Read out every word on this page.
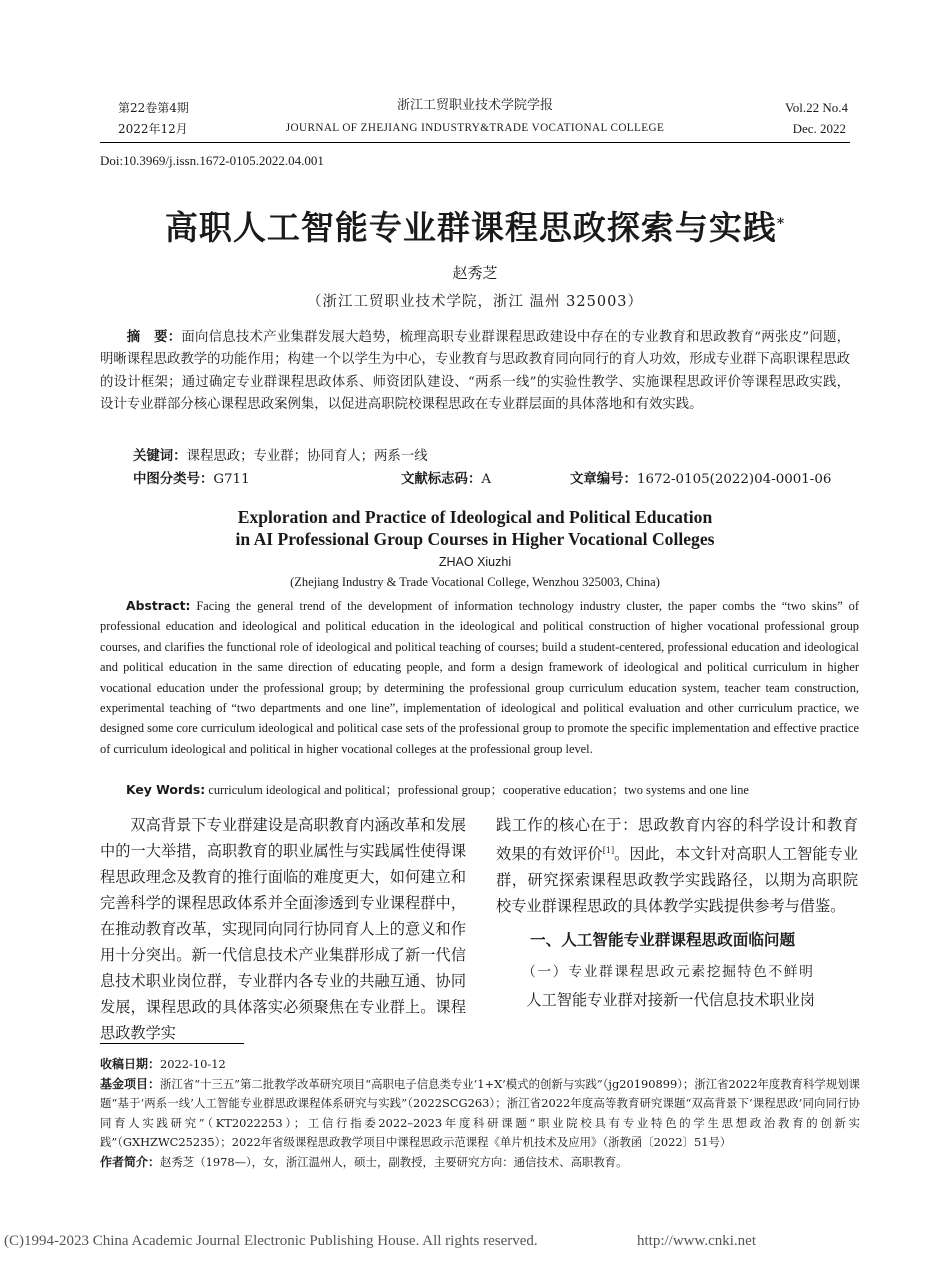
第22卷第4期
2022年12月
浙江工贸职业技术学院学报
JOURNAL OF ZHEJIANG INDUSTRY&TRADE VOCATIONAL COLLEGE
Vol.22 No.4
Dec. 2022
Doi:10.3969/j.issn.1672-0105.2022.04.001
高职人工智能专业群课程思政探索与实践*
赵秀芝
（浙江工贸职业技术学院，浙江 温州 325003）
摘　要：面向信息技术产业集群发展大趋势，梳理高职专业群课程思政建设中存在的专业教育和思政教育“两张皮”问题，明晰课程思政教学的功能作用；构建一个以学生为中心，专业教育与思政教育同向同行的育人功效，形成专业群下高职课程思政的设计框架；通过确定专业群课程思政体系、师资团队建设、“两系一线”的实验性教学、实施课程思政评价等课程思政实践，设计专业群部分核心课程思政案例集，以促进高职院校课程思政在专业群层面的具体落地和有效实践。
关键词：课程思政；专业群；协同育人；两系一线
中图分类号：G711	文献标志码：A	文章编号：1672-0105(2022)04-0001-06
Exploration and Practice of Ideological and Political Education
in AI Professional Group Courses in Higher Vocational Colleges
ZHAO Xiuzhi
(Zhejiang Industry & Trade Vocational College, Wenzhou 325003, China)
Abstract: Facing the general trend of the development of information technology industry cluster, the paper combs the “two skins” of professional education and ideological and political education in the ideological and political construction of higher vocational professional group courses, and clarifies the functional role of ideological and political teaching of courses; build a student-centered, professional education and ideological and political education in the same direction of educating people, and form a design framework of ideological and political curriculum in higher vocational education under the professional group; by determining the professional group curriculum education system, teacher team construction, experimental teaching of “two departments and one line”, implementation of ideological and political evaluation and other curriculum practice, we designed some core curriculum ideological and political case sets of the professional group to promote the specific implementation and effective practice of curriculum ideological and political in higher vocational colleges at the professional group level.
Key Words: curriculum ideological and political；professional group；cooperative education；two systems and one line
双高背景下专业群建设是高职教育内涵改革和发展中的一大举措，高职教育的职业属性与实践属性使得课程思政理念及教育的推行面临的难度更大，如何建立和完善科学的课程思政体系并全面渗透到专业课程群中，在推动教育改革，实现同向同行协同育人上的意义和作用十分突出。新一代信息技术产业集群形成了新一代信息技术职业岗位群，专业群内各专业的共融互通、协同发展，课程思政的具体落实必须聚焦在专业群上。课程思政教学实
践工作的核心在于：思政教育内容的科学设计和教育效果的有效评价[1]。因此，本文针对高职人工智能专业群，研究探索课程思政教学实践路径，以期为高职院校专业群课程思政的具体教学实践提供参考与借鉴。
一、人工智能专业群课程思政面临问题
（一）专业群课程思政元素挖掘特色不鲜明
人工智能专业群对接新一代信息技术职业岗
收稿日期：2022-10-12
基金项目：浙江省“十三五”第二批教学改革研究项目“高职电子信息类专业‘1+X’模式的创新与实践”（jg20190899）；浙江省2022年度教育科学规划课题“基于‘两系一线’人工智能专业群思政课程体系研究与实践”（2022SCG263）；浙江省2022年度高等教育研究课题“双高背景下‘课程思政’同向同行协同育人实践研究”（KT2022253）；工信行指委2022–2023年度科研课题“职业院校具有专业特色的学生思想政治教育的创新实践”（GXHZWC25235）；2022年省级课程思政教学项目中课程思政示范课程《单片机技术及应用》（浙教函〔2022〕51号）
作者简介：赵秀芝（1978—），女，浙江温州人，硕士，副教授，主要研究方向：通信技术、高职教育。
(C)1994-2023 China Academic Journal Electronic Publishing House. All rights reserved.	http://www.cnki.net
